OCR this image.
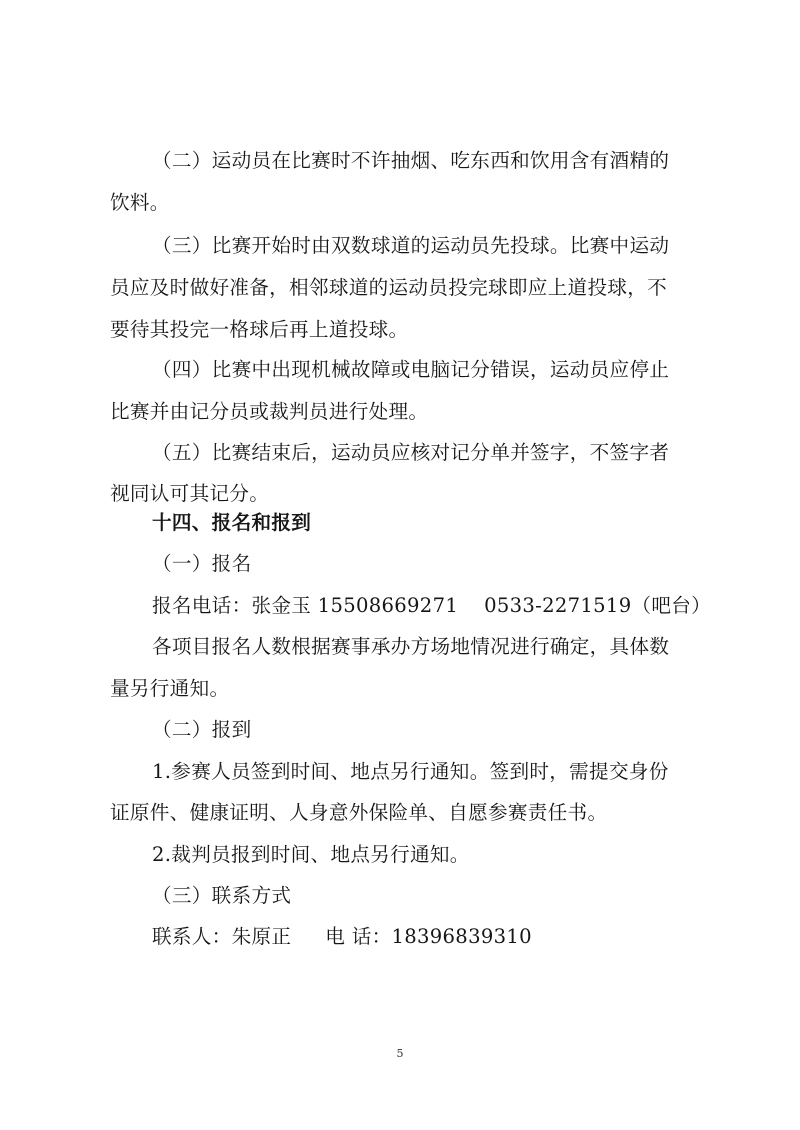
（二）运动员在比赛时不许抽烟、吃东西和饮用含有酒精的
饮料。
（三）比赛开始时由双数球道的运动员先投球。比赛中运动
员应及时做好准备，相邻球道的运动员投完球即应上道投球，不
要待其投完一格球后再上道投球。
（四）比赛中出现机械故障或电脑记分错误，运动员应停止
比赛并由记分员或裁判员进行处理。
（五）比赛结束后，运动员应核对记分单并签字，不签字者
视同认可其记分。
十四、报名和报到
（一）报名
报名电话：张金玉 15508669271 0533-2271519（吧台）
各项目报名人数根据赛事承办方场地情况进行确定，具体数
量另行通知。
（二）报到
1.参赛人员签到时间、地点另行通知。签到时，需提交身份
证原件、健康证明、人身意外保险单、自愿参赛责任书。
2.裁判员报到时间、地点另行通知。
（三）联系方式
联系人：朱原正 电 话：18396839310
5
